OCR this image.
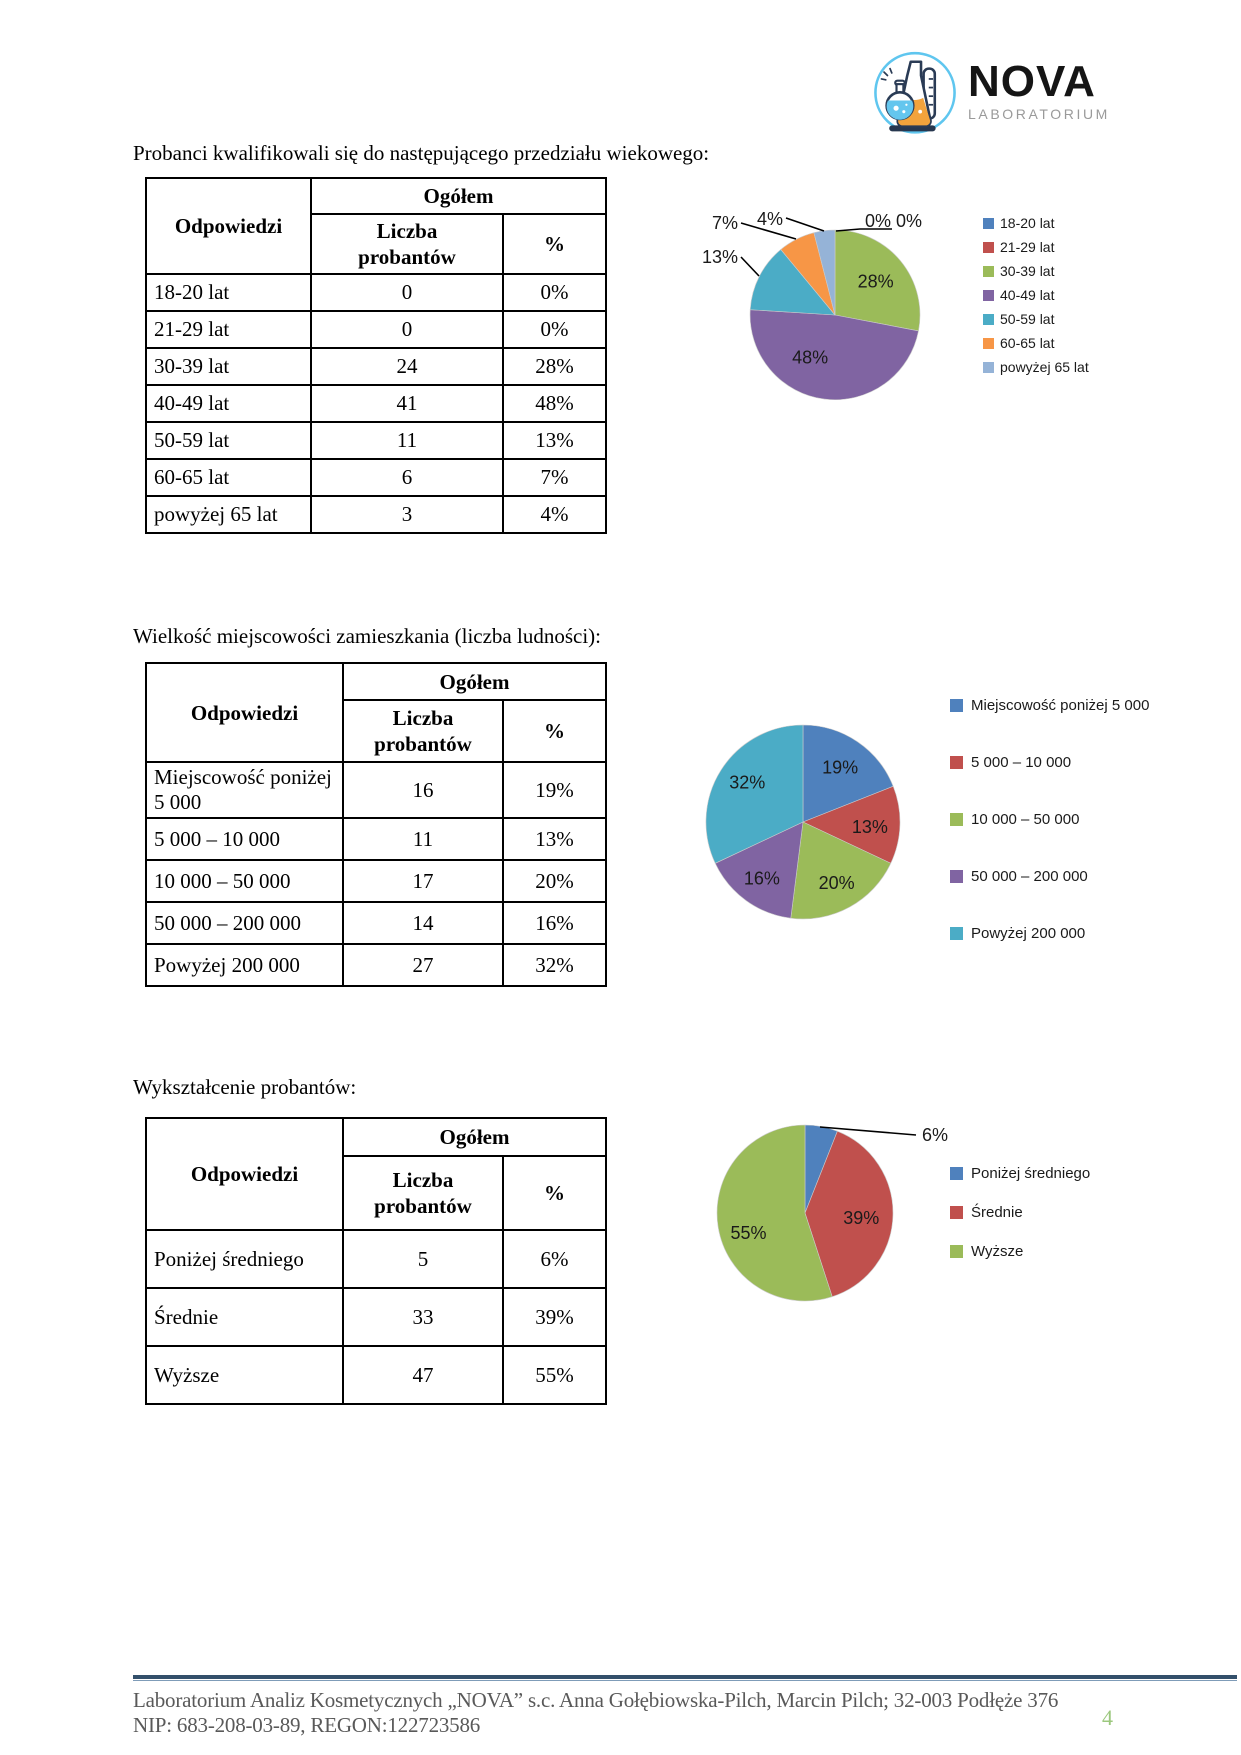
NOVA
LABORATORIUM
Probanci kwalifikowali się do następującego przedziału wiekowego:
Odpowiedzi	Ogółem	
	Liczba probantów	%
18-20 lat	0	0%
21-29 lat	0	0%
30-39 lat	24	28%
40-49 lat	41	48%
50-59 lat	11	13%
60-65 lat	6	7%
powyżej 65 lat	3	4%
0% 0%
28%
48%
13%
7% 4%	18-20 lat
21-29 lat
30-39 lat
40-49 lat
50-59 lat
60-65 lat
powyżej 65 lat
Wielkość miejscowości zamieszkania (liczba ludności):
Odpowiedzi	Ogółem	
	Liczba probantów	%
Miejscowość poniżej 5 000	16	19%
5 000 – 10 000	11	13%
10 000 – 50 000	17	20%
50 000 – 200 000	14	16%
Powyżej 200 000	27	32%
19%
13%
20%
16%
32%
Miejscowość poniżej 5 000
5 000 – 10 000
10 000 – 50 000
50 000 – 200 000
Powyżej 200 000
Wykształcenie probantów:
Odpowiedzi	Ogółem	
	Liczba probantów	%
Poniżej średniego	5	6%
Średnie	33	39%
Wyższe	47	55%
6%
39%
55%
Poniżej średniego
Średnie
Wyższe
Laboratorium Analiz Kosmetycznych „NOVA” s.c. Anna Gołębiowska-Pilch, Marcin Pilch; 32-003 Podłęże 376
NIP: 683-208-03-89, REGON:122723586	4
